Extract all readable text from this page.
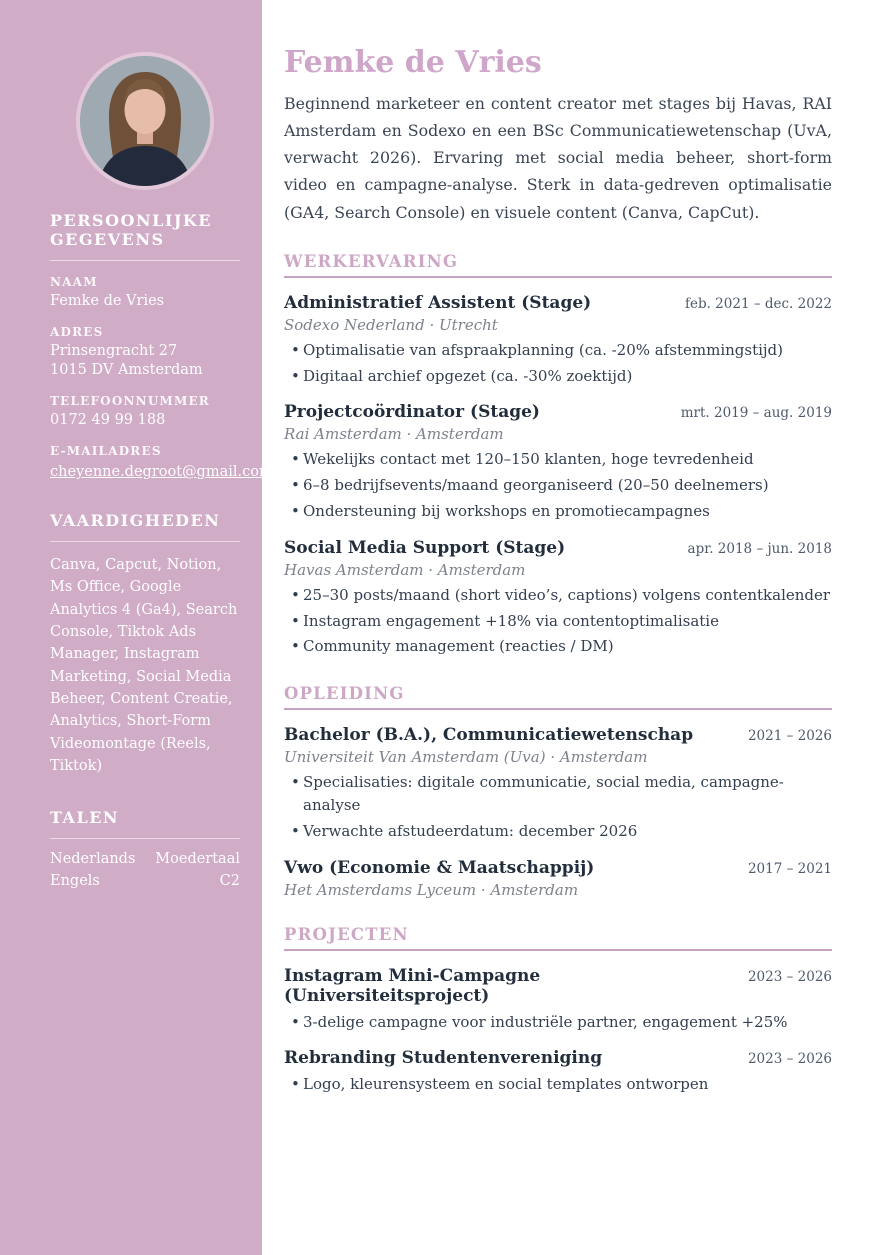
PERSOONLIJKE GEGEVENS
NAAM
Femke de Vries
ADRES
Prinsengracht 27
1015 DV Amsterdam
TELEFOONNUMMER
0172 49 99 188
E-MAILADRES
cheyenne.degroot@gmail.com
VAARDIGHEDEN

Canva, Capcut, Notion, Ms Office, Google Analytics 4 (Ga4), Search Console, Tiktok Ads Manager, Instagram Marketing, Social Media Beheer, Content Creatie, Analytics, Short-Form Videomontage (Reels, Tiktok)

TALEN
Nederlands Moedertaal
Engels	C2
Femke de Vries

Beginnend marketeer en content creator met stages bij Havas, RAI Amsterdam en Sodexo en een BSc Communicatiewetenschap (UvA, verwacht 2026). Ervaring met social media beheer, short-form video en campagne-analyse. Sterk in data-gedreven optimalisatie (GA4, Search Console) en visuele content (Canva, CapCut).

WERKERVARING
Administratief Assistent (Stage)	feb. 2021 – dec. 2022
Sodexo Nederland · Utrecht
• Optimalisatie van afspraakplanning (ca. -20% afstemmingstijd)
• Digitaal archief opgezet (ca. -30% zoektijd)
Projectcoördinator (Stage)	mrt. 2019 – aug. 2019
Rai Amsterdam · Amsterdam
• Wekelijks contact met 120–150 klanten, hoge tevredenheid
• 6–8 bedrijfsevents/maand georganiseerd (20–50 deelnemers)
• Ondersteuning bij workshops en promotiecampagnes
Social Media Support (Stage)	apr. 2018 – jun. 2018
Havas Amsterdam · Amsterdam
• 25–30 posts/maand (short video’s, captions) volgens contentkalender
• Instagram engagement +18% via contentoptimalisatie
• Community management (reacties / DM)
OPLEIDING
Bachelor (B.A.), Communicatiewetenschap	2021 – 2026
Universiteit Van Amsterdam (Uva) · Amsterdam
• Specialisaties: digitale communicatie, social media, campagne-analyse
• Verwachte afstudeerdatum: december 2026
Vwo (Economie & Maatschappij)	2017 – 2021
Het Amsterdams Lyceum · Amsterdam
PROJECTEN
Instagram Mini-Campagne (Universiteitsproject)
2023 – 2026
• 3-delige campagne voor industriële partner, engagement +25%
Rebranding Studentenvereniging	2023 – 2026
• Logo, kleurensysteem en social templates ontworpen
